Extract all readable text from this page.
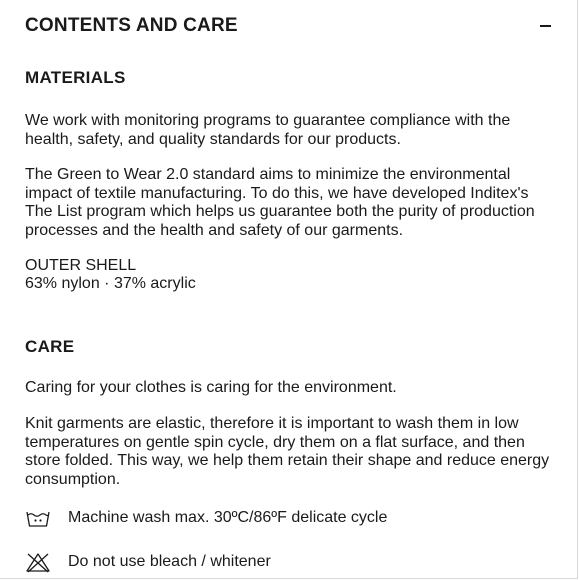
CONTENTS AND CARE
MATERIALS

We work with monitoring programs to guarantee compliance with the health, safety, and quality standards for our products.

The Green to Wear 2.0 standard aims to minimize the environmental impact of textile manufacturing. To do this, we have developed Inditex's The List program which helps us guarantee both the purity of production processes and the health and safety of our garments.

OUTER SHELL

63% nylon · 37% acrylic

CARE

Caring for your clothes is caring for the environment.

Knit garments are elastic, therefore it is important to wash them in low temperatures on gentle spin cycle, dry them on a flat surface, and then store folded. This way, we help them retain their shape and reduce energy consumption.

Machine wash max. 30ºC/86ºF delicate cycle
Do not use bleach / whitener
